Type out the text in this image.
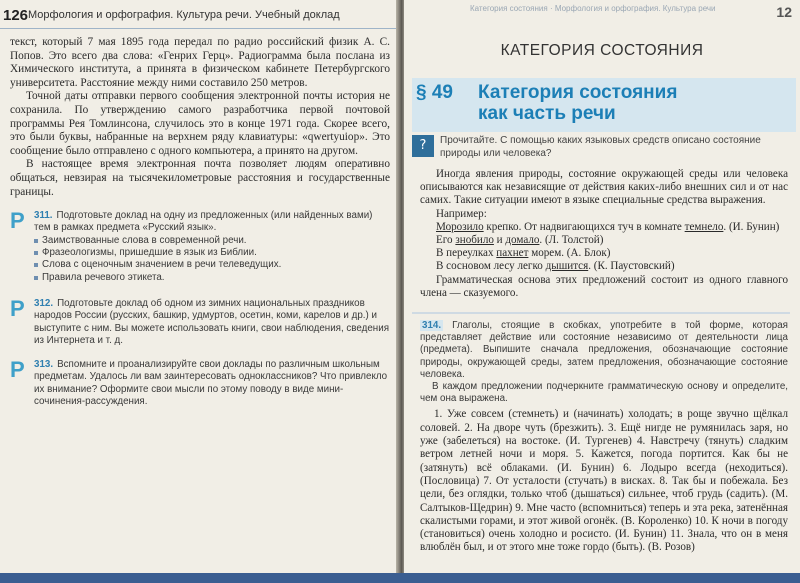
126 Морфология и орфография. Культура речи. Учебный доклад

текст, который 7 мая 1895 года передал по радио российский физик А. С. Попов. Это всего два слова: «Генрих Герц». Радиограмма была послана из Химического института, а принята в физическом кабинете Петербургского университета. Расстояние между ними составило 250 метров.

Точной даты отправки первого сообщения электронной почты история не сохранила. По утверждению самого разработчика первой почтовой программы Рея Томлинсона, случилось это в конце 1971 года. Скорее всего, это были буквы, набранные на верхнем ряду клавиатуры: «qwertyuiop». Это сообщение было отправлено с одного компьютера, а принято на другом.

В настоящее время электронная почта позволяет людям оперативно общаться, невзирая на тысячекилометровые расстояния и государственные границы.

Р 311. Подготовьте доклад на одну из предложенных (или найденных вами) тем в рамках предмета «Русский язык».
Заимствованные слова в современной речи.
Фразеологизмы, пришедшие в язык из Библии.
Слова с оценочным значением в речи телеведущих.
Правила речевого этикета.
Р 312. Подготовьте доклад об одном из зимних национальных праздников народов России (русских, башкир, удмуртов, осетин, коми, карелов и др.) и выступите с ним. Вы можете использовать книги, свои наблюдения, сведения из Интернета и т. д.
Р 313. Вспомните и проанализируйте свои доклады по различным школьным предметам. Удалось ли вам заинтересовать одноклассников? Что привлекло их внимание? Оформите свои мысли по этому поводу в виде мини-сочинения-рассуждения.
Категория состояния · Морфология и орфография. Культура речи	12
КАТЕГОРИЯ СОСТОЯНИЯ
§ 49 Категория состояния
как часть речи
?	Прочитайте. С помощью каких языковых средств описано состояние природы или человека?

Иногда явления природы, состояние окружающей среды или человека описываются как независящие от действия каких-либо внешних сил и от нас самих. Такие ситуации имеют в языке специальные средства выражения.

Например:

Морозило крепко. От надвигающихся туч в комнате темнело. (И. Бунин)

Его знобило и домало. (Л. Толстой)

В переулках пахнет морем. (А. Блок)

В сосновом лесу легко дышится. (К. Паустовский)

Грамматическая основа этих предложений состоит из одного главного члена — сказуемого.

314. Глаголы, стоящие в скобках, употребите в той форме, которая представляет действие или состояние независимо от деятельности лица (предмета). Выпишите сначала предложения, обозначающие состояние природы, окружающей среды, затем предложения, обозначающие состояние человека.
В каждом предложении подчеркните грамматическую основу и определите, чем она выражена.

1. Уже совсем (стемнеть) и (начинать) холодать; в роще звучно щёлкал соловей. 2. На дворе чуть (брезжить). 3. Ещё нигде не румянилась заря, но уже (забелеться) на востоке. (И. Тургенев) 4. Навстречу (тянуть) сладким ветром летней ночи и моря. 5. Кажется, погода портится. Как бы не (затянуть) всё облаками. (И. Бунин) 6. Лодыро всегда (неходиться). (Пословица) 7. От усталости (стучать) в висках. 8. Так бы и побежала. Без цели, без оглядки, только чтоб (дышаться) сильнее, чтоб грудь (садить). (М. Салтыков-Щедрин) 9. Мне часто (вспомниться) теперь и эта река, затенённая скалистыми горами, и этот живой огонёк. (В. Короленко) 10. К ночи в погоду (становиться) очень холодно и росисто. (И. Бунин) 11. Знала, что он в меня влюблён был, и от этого мне тоже гордо (быть). (В. Розов)
